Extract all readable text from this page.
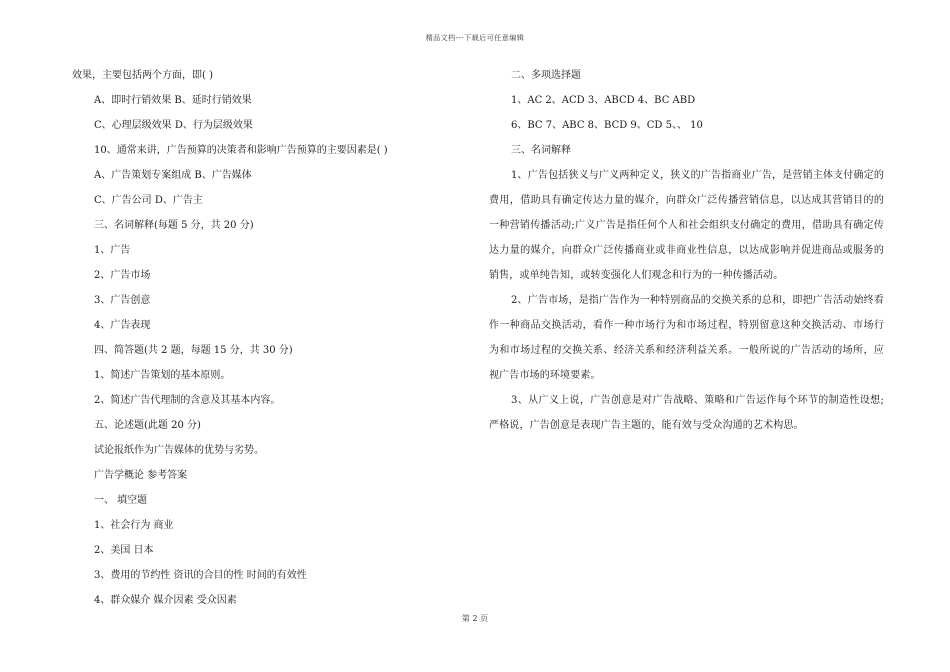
精品文档---下载后可任意编辑
效果，主要包括两个方面，即( )
A、即时行销效果 B、延时行销效果
C、心理层级效果 D、行为层级效果
10、通常来讲，广告预算的决策者和影响广告预算的主要因素是( )
A、广告策划专案组成 B、广告媒体
C、广告公司 D、广告主
三、名词解释(每题 5 分，共 20 分)
1、广告
2、广告市场
3、广告创意
4、广告表现
四、简答题(共 2 题，每题 15 分，共 30 分)
1、简述广告策划的基本原则。
2、简述广告代理制的含意及其基本内容。
五、论述题(此题 20 分)
试论报纸作为广告媒体的优势与劣势。
广告学概论 参考答案
一、 填空题
1、社会行为 商业
2、美国 日本
3、费用的节约性 资讯的合目的性 时间的有效性
4、群众媒介 媒介因素 受众因素
二、多项选择题
1、AC 2、ACD 3、ABCD 4、BC ABD
6、BC 7、ABC 8、BCD 9、CD 5、、 10
三、名词解释

1、广告包括狭义与广义两种定义，狭义的广告指商业广告，是营销主体支付确定的费用，借助具有确定传达力量的媒介，向群众广泛传播营销信息，以达成其营销目的的一种营销传播活动;广义广告是指任何个人和社会组织支付确定的费用，借助具有确定传达力量的媒介，向群众广泛传播商业或非商业性信息，以达成影响并促进商品或服务的销售，或单纯告知，或转变强化人们观念和行为的一种传播活动。

2、广告市场，是指广告作为一种特别商品的交换关系的总和，即把广告活动始终看作一种商品交换活动，看作一种市场行为和市场过程，特别留意这种交换活动、市场行为和市场过程的交换关系、经济关系和经济利益关系。一般所说的广告活动的场所，应视广告市场的环境要素。

3、从广义上说，广告创意是对广告战略、策略和广告运作每个环节的制造性设想;严格说，广告创意是表现广告主题的，能有效与受众沟通的艺术构思。

第 2 页
